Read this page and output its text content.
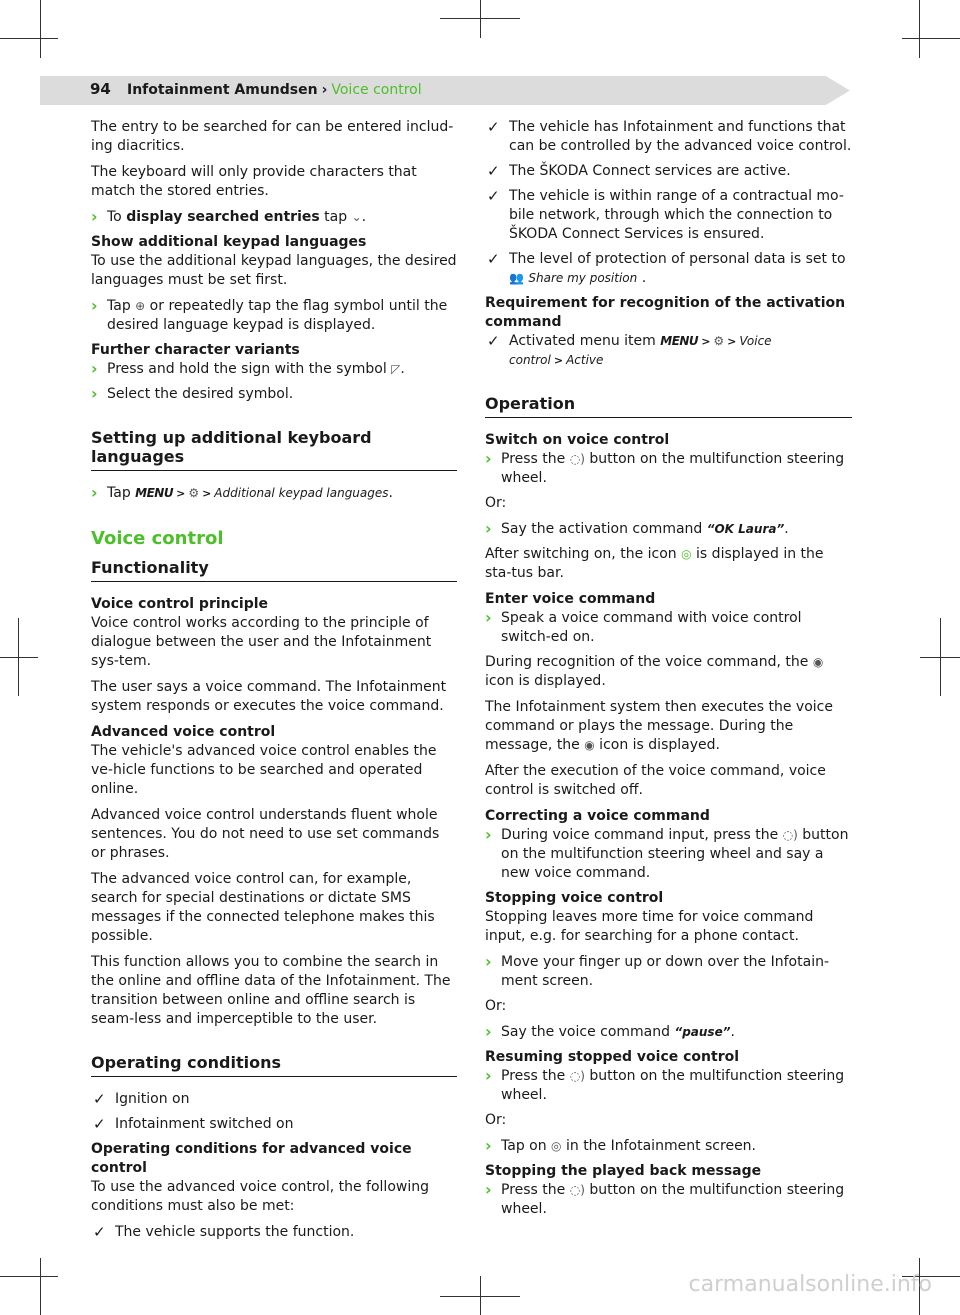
94 Infotainment Amundsen › Voice control

The entry to be searched for can be entered includ-ing diacritics.

The keyboard will only provide characters that match the stored entries.

› To display searched entries tap ⌄.

Show additional keypad languages

To use the additional keypad languages, the desired languages must be set first.

› Tap ⊕ or repeatedly tap the flag symbol until the desired language keypad is displayed.

Further character variants

› Press and hold the sign with the symbol ◸.
› Select the desired symbol.
Setting up additional keyboard languages
› Tap MENU > ⚙ > Additional keypad languages.
Voice control
Functionality

Voice control principle

Voice control works according to the principle of dialogue between the user and the Infotainment sys-tem.

The user says a voice command. The Infotainment system responds or executes the voice command.

Advanced voice control

The vehicle's advanced voice control enables the ve-hicle functions to be searched and operated online.

Advanced voice control understands fluent whole sentences. You do not need to use set commands or phrases.

The advanced voice control can, for example, search for special destinations or dictate SMS messages if the connected telephone makes this possible.

This function allows you to combine the search in the online and offline data of the Infotainment. The transition between online and offline search is seam-less and imperceptible to the user.

Operating conditions
✓ Ignition on
✓ Infotainment switched on

Operating conditions for advanced voice control

To use the advanced voice control, the following conditions must also be met:

✓ The vehicle supports the function.
✓ The vehicle has Infotainment and functions that can be controlled by the advanced voice control.
✓ The ŠKODA Connect services are active.
✓ The vehicle is within range of a contractual mo-bile network, through which the connection to ŠKODA Connect Services is ensured.
✓ The level of protection of personal data is set to
👥 Share my position .

Requirement for recognition of the activation command

✓ Activated menu item MENU > ⚙ > Voice control > Active
Operation

Switch on voice control

› Press the ◌) button on the multifunction steering wheel.

Or:

› Say the activation command “OK Laura”.

After switching on, the icon ◎ is displayed in the sta-tus bar.

Enter voice command

› Speak a voice command with voice control switch-ed on.

During recognition of the voice command, the ◉ icon is displayed.

The Infotainment system then executes the voice command or plays the message. During the message, the ◉ icon is displayed.

After the execution of the voice command, voice control is switched off.

Correcting a voice command

› During voice command input, press the ◌) button on the multifunction steering wheel and say a new voice command.

Stopping voice control

Stopping leaves more time for voice command input, e.g. for searching for a phone contact.

› Move your finger up or down over the Infotain-ment screen.

Or:

› Say the voice command “pause”.

Resuming stopped voice control

› Press the ◌) button on the multifunction steering wheel.

Or:

› Tap on ◎ in the Infotainment screen.

Stopping the played back message

› Press the ◌) button on the multifunction steering wheel.
carmanualsonline.info
